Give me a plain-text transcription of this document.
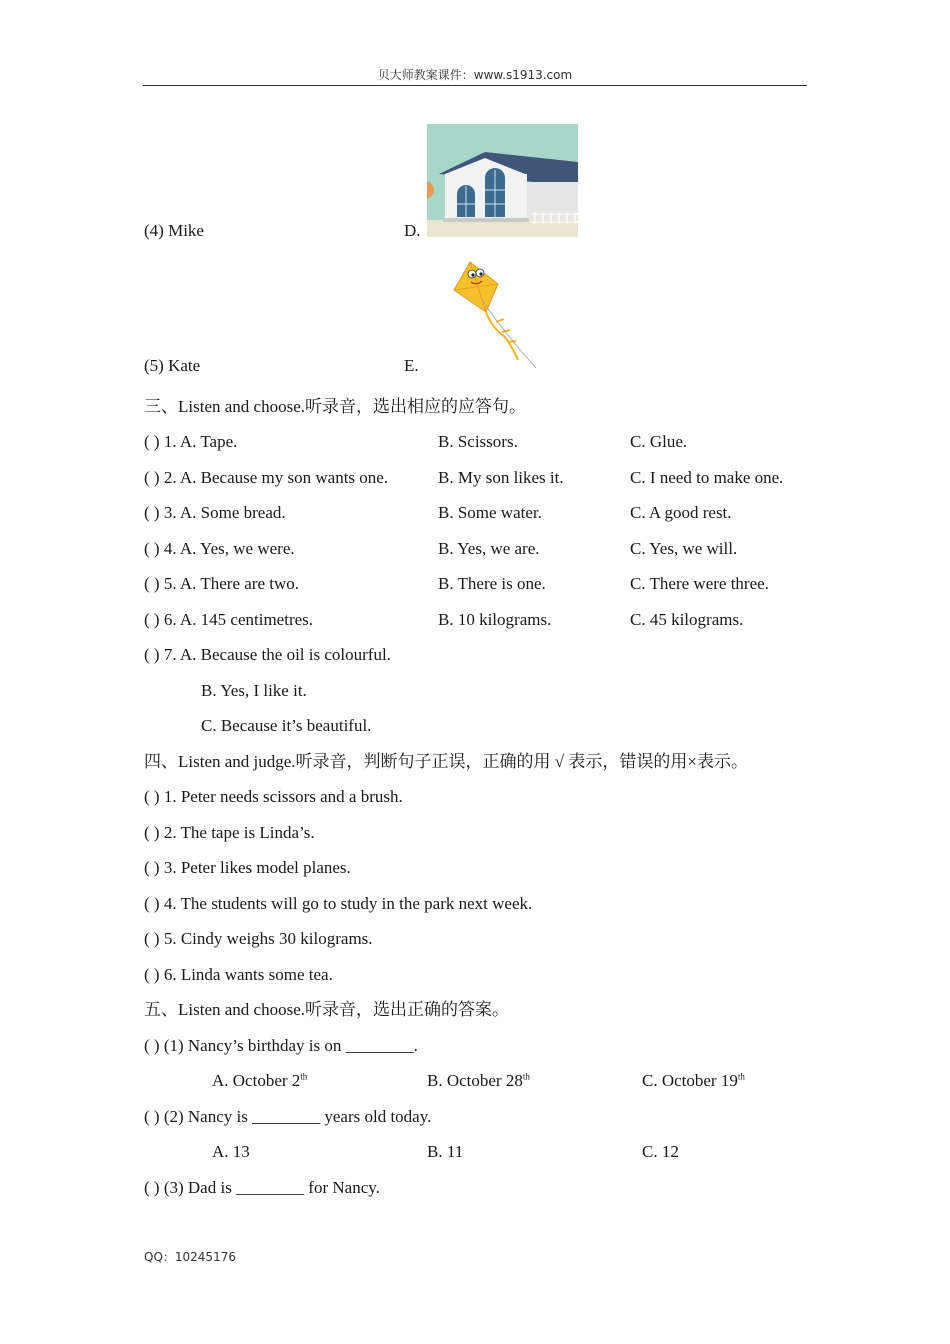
贝大师教案课件：www.s1913.com
(4) Mike	D.
(5) Kate	E.
三、Listen and choose.听录音，选出相应的应答句。
( ) 1. A. Tape.	B. Scissors.	C. Glue.
( ) 2. A. Because my son wants one.	B. My son likes it.	C. I need to make one.
( ) 3. A. Some bread.	B. Some water.	C. A good rest.
( ) 4. A. Yes, we were.	B. Yes, we are.	C. Yes, we will.
( ) 5. A. There are two.	B. There is one.	C. There were three.
( ) 6. A. 145 centimetres.	B. 10 kilograms.	C. 45 kilograms.
( ) 7. A. Because the oil is colourful.
B. Yes, I like it.
C. Because it’s beautiful.
四、Listen and judge.听录音，判断句子正误，正确的用 √ 表示，错误的用×表示。
( ) 1. Peter needs scissors and a brush.
( ) 2. The tape is Linda’s.
( ) 3. Peter likes model planes.
( ) 4. The students will go to study in the park next week.
( ) 5. Cindy weighs 30 kilograms.
( ) 6. Linda wants some tea.
五、Listen and choose.听录音，选出正确的答案。
( ) (1) Nancy’s birthday is on ________.
A. October 2th	B. October 28th	C. October 19th
( ) (2) Nancy is ________ years old today.
A. 13	B. 11	C. 12
( ) (3) Dad is ________ for Nancy.
QQ：10245176
